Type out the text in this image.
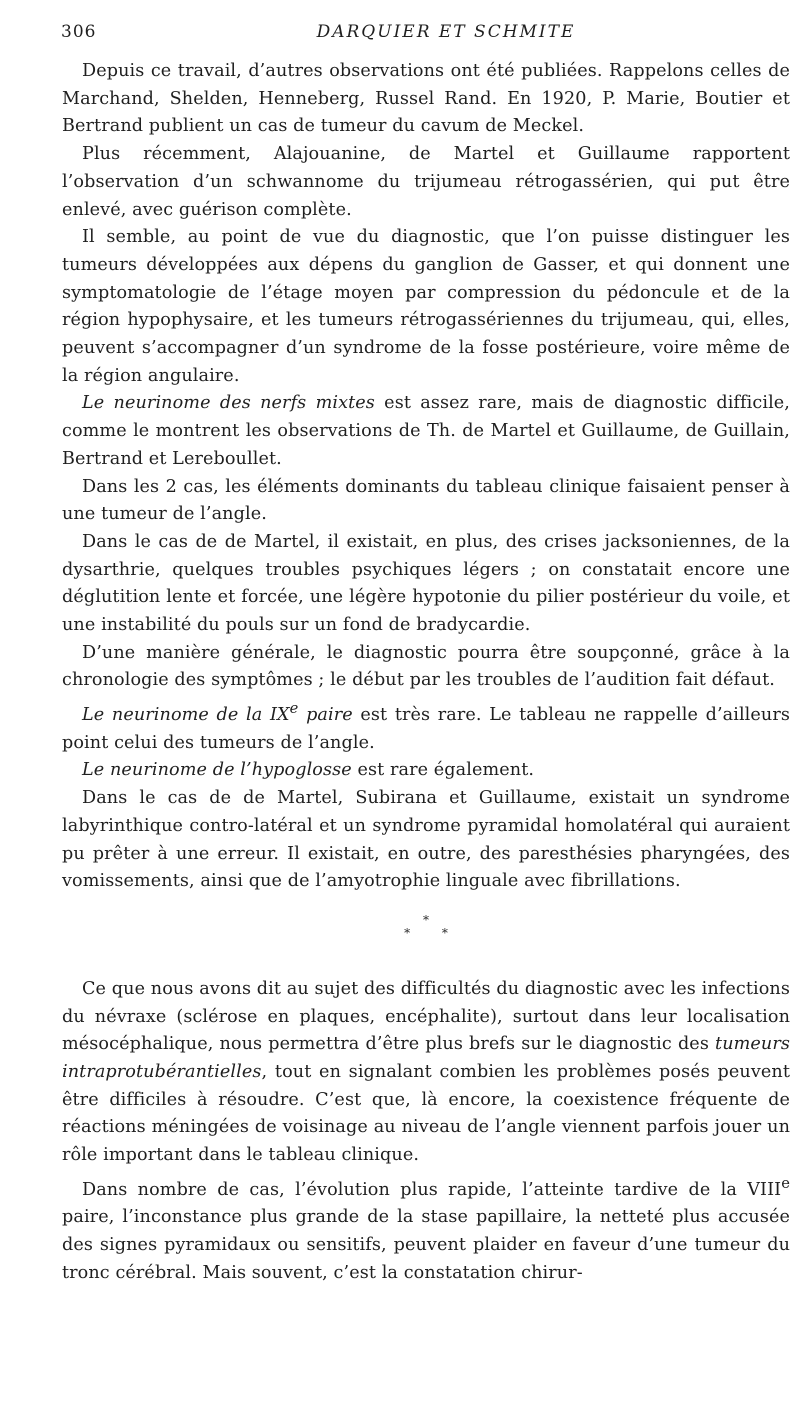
306	DARQUIER ET SCHMITE

Depuis ce travail, d’autres observations ont été publiées. Rappelons celles de Marchand, Shelden, Henneberg, Russel Rand. En 1920, P. Marie, Boutier et Bertrand publient un cas de tumeur du cavum de Meckel.

Plus récemment, Alajouanine, de Martel et Guillaume rapportent l’observation d’un schwannome du trijumeau rétrogassérien, qui put être enlevé, avec guérison complète.

Il semble, au point de vue du diagnostic, que l’on puisse distinguer les tumeurs développées aux dépens du ganglion de Gasser, et qui donnent une symptomatologie de l’étage moyen par compression du pédoncule et de la région hypophysaire, et les tumeurs rétrogassériennes du trijumeau, qui, elles, peuvent s’accompagner d’un syndrome de la fosse postérieure, voire même de la région angulaire.

Le neurinome des nerfs mixtes est assez rare, mais de diagnostic difficile, comme le montrent les observations de Th. de Martel et Guillaume, de Guillain, Bertrand et Lereboullet.

Dans les 2 cas, les éléments dominants du tableau clinique faisaient penser à une tumeur de l’angle.

Dans le cas de de Martel, il existait, en plus, des crises jacksoniennes, de la dysarthrie, quelques troubles psychiques légers ; on constatait encore une déglutition lente et forcée, une légère hypotonie du pilier postérieur du voile, et une instabilité du pouls sur un fond de bradycardie.

D’une manière générale, le diagnostic pourra être soupçonné, grâce à la chronologie des symptômes ; le début par les troubles de l’audition fait défaut.

Le neurinome de la IXe paire est très rare. Le tableau ne rappelle d’ailleurs point celui des tumeurs de l’angle.

Le neurinome de l’hypoglosse est rare également.

Dans le cas de de Martel, Subirana et Guillaume, existait un syndrome labyrinthique contro-latéral et un syndrome pyramidal homolatéral qui auraient pu prêter à une erreur. Il existait, en outre, des paresthésies pharyngées, des vomissements, ainsi que de l’amyotrophie linguale avec fibrillations.

*
* *

Ce que nous avons dit au sujet des difficultés du diagnostic avec les infections du névraxe (sclérose en plaques, encéphalite), surtout dans leur localisation mésocéphalique, nous permettra d’être plus brefs sur le diagnostic des tumeurs intraprotubérantielles, tout en signalant combien les problèmes posés peuvent être difficiles à résoudre. C’est que, là encore, la coexistence fréquente de réactions méningées de voisinage au niveau de l’angle viennent parfois jouer un rôle important dans le tableau clinique.

Dans nombre de cas, l’évolution plus rapide, l’atteinte tardive de la VIIIe paire, l’inconstance plus grande de la stase papillaire, la netteté plus accusée des signes pyramidaux ou sensitifs, peuvent plaider en faveur d’une tumeur du tronc cérébral. Mais souvent, c’est la constatation chirur-
